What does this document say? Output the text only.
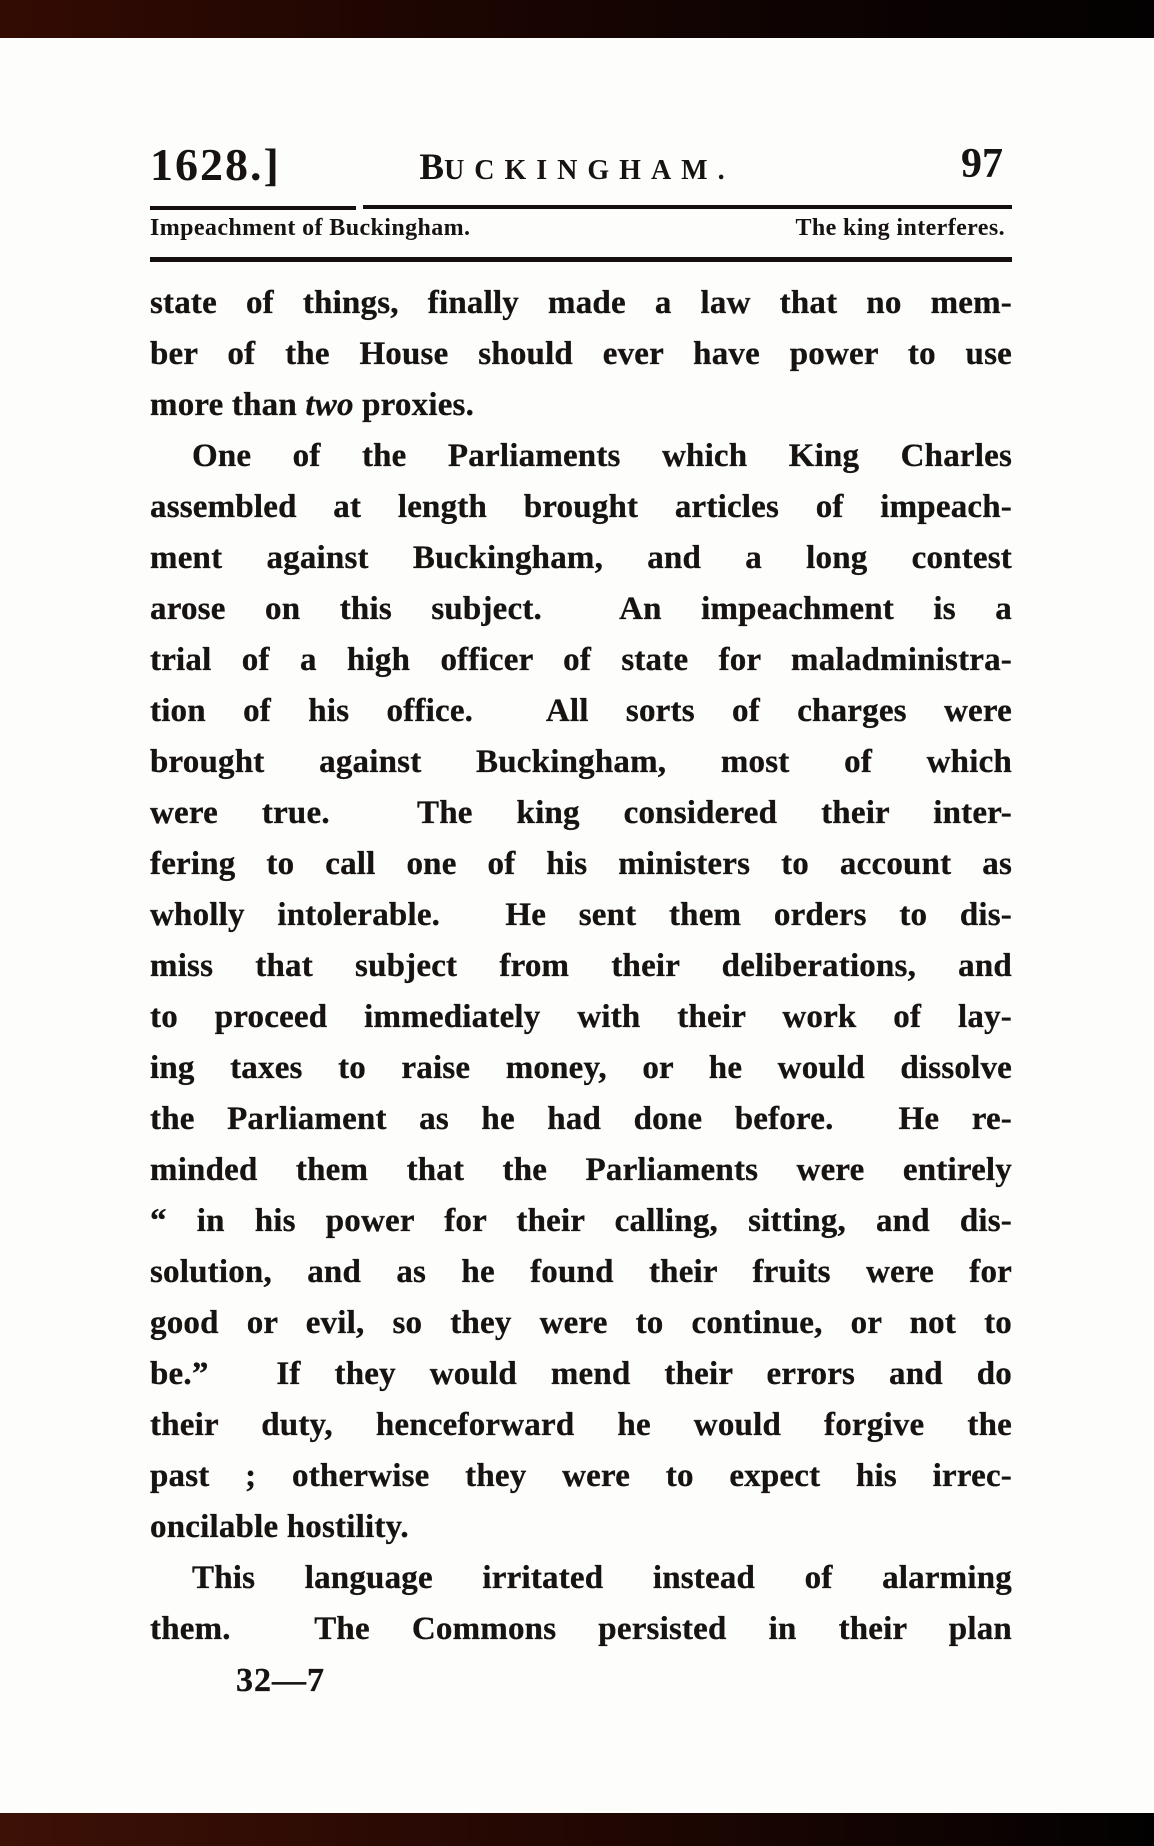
1628.]	BUCKINGHAM.	97
Impeachment of Buckingham.	The king interferes.
state of things, finally made a law that no mem-
ber of the House should ever have power to use
more than two proxies.
One of the Parliaments which King Charles
assembled at length brought articles of impeach-
ment against Buckingham, and a long contest
arose on this subject.  An impeachment is a
trial of a high officer of state for maladministra-
tion of his office.  All sorts of charges were
brought against Buckingham, most of which
were true.  The king considered their inter-
fering to call one of his ministers to account as
wholly intolerable.  He sent them orders to dis-
miss that subject from their deliberations, and
to proceed immediately with their work of lay-
ing taxes to raise money, or he would dissolve
the Parliament as he had done before.  He re-
minded them that the Parliaments were entirely
“ in his power for their calling, sitting, and dis-
solution, and as he found their fruits were for
good or evil, so they were to continue, or not to
be.”  If they would mend their errors and do
their duty, henceforward he would forgive the
past ; otherwise they were to expect his irrec-
oncilable hostility.
This language irritated instead of alarming
them.  The Commons persisted in their plan
32—7
